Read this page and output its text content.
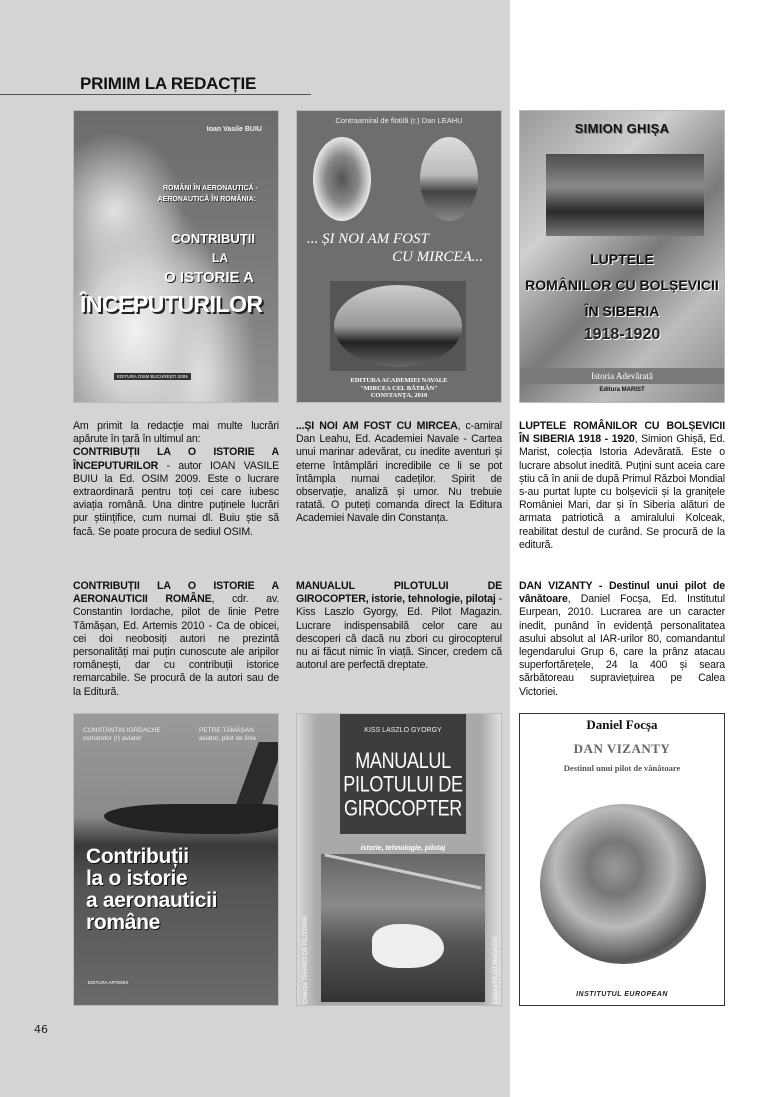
PRIMIM LA REDACȚIE
Ioan Vasile BUIU
ROMÂNI ÎN AERONAUTICĂ -
AERONAUTICĂ ÎN ROMÂNIA:
CONTRIBUȚII
LA
O ISTORIE A
ÎNCEPUTURILOR
EDITURA OSIM BUCUREȘTI 2009
Contraamiral de flotilă (r.) Dan LEAHU
... ȘI NOI AM FOST
CU MIRCEA...
EDITURA ACADEMIEI NAVALE
"MIRCEA CEL BĂTRÂN"
CONSTANȚA, 2010
SIMION GHIȘA
LUPTELE
ROMÂNILOR CU BOLȘEVICII
ÎN SIBERIA
1918-1920
Istoria Adevărată
Editura MARIST
Am primit la redacție mai multe lucrări apărute în țară în ultimul an:
CONTRIBUȚII LA O ISTORIE A ÎNCEPUTURILOR - autor IOAN VASILE BUIU la Ed. OSIM 2009. Este o lucrare extraordinară pentru toți cei care iubesc aviația română. Una dintre puținele lucrări pur științifice, cum numai dl. Buiu știe să facă. Se poate procura de sediul OSIM.
...ȘI NOI AM FOST CU MIRCEA, c-amiral Dan Leahu, Ed. Academiei Navale - Cartea unui marinar adevărat, cu inedite aventuri și eterne întâmplări incredibile ce li se pot întâmpla numai cadeților. Spirit de observație, analiză și umor. Nu trebuie ratată. O puteți comanda direct la Editura Academiei Navale din Constanța.
LUPTELE ROMÂNILOR CU BOLȘEVICII ÎN SIBERIA 1918 - 1920, Simion Ghișă, Ed. Marist, colecția Istoria Adevărată. Este o lucrare absolut inedită. Puțini sunt aceia care știu că în anii de după Primul Război Mondial s-au purtat lupte cu bolșevicii și la granițele României Mari, dar și în Siberia alături de armata patriotică a amiralului Kolceak, reabilitat destul de curând. Se procură de la editură.
CONTRIBUȚII LA O ISTORIE A AERONAUTICII ROMÂNE, cdr. av. Constantin Iordache, pilot de linie Petre Tămășan, Ed. Artemis 2010 - Ca de obicei, cei doi neobosiți autori ne prezintă personalități mai puțin cunoscute ale aripilor românești, dar cu contribuții istorice remarcabile. Se procură de la autori sau de la Editură.
MANUALUL PILOTULUI DE GIROCOPTER, istorie, tehnologie, pilotaj - Kiss Laszlo Gyorgy, Ed. Pilot Magazin. Lucrare indispensabilă celor care au descoperi că dacă nu zbori cu girocopterul nu ai făcut nimic în viață. Sincer, credem că autorul are perfectă dreptate.
DAN VIZANTY - Destinul unui pilot de vânătoare, Daniel Focșa, Ed. Institutul Eurpean, 2010. Lucrarea are un caracter inedit, punând în evidență personalitatea asului absolut al IAR-urilor 80, comandantul legendarului Grup 6, care la prânz atacau superfortărețele, 24 la 400 și seara sărbătoreau supraviețuirea pe Calea Victoriei.
CONSTANTIN IORDACHE
comandor (r) aviator
PETRE TĂMĂȘAN
aviator, pilot de linie
Contribuții
la o istorie
a aeronauticii
române
EDITURA ARTEMIS
KISS LASZLO GYORGY
MANUALUL
PILOTULUI DE
GIROCOPTER
istorie, tehnologie, pilotaj
Colecția TEHNICI DE PILOTARE	Editura PILOT MAGAZIN
Daniel Focșa
DAN VIZANTY
Destinul unui pilot de vânătoare
INSTITUTUL EUROPEAN
46
